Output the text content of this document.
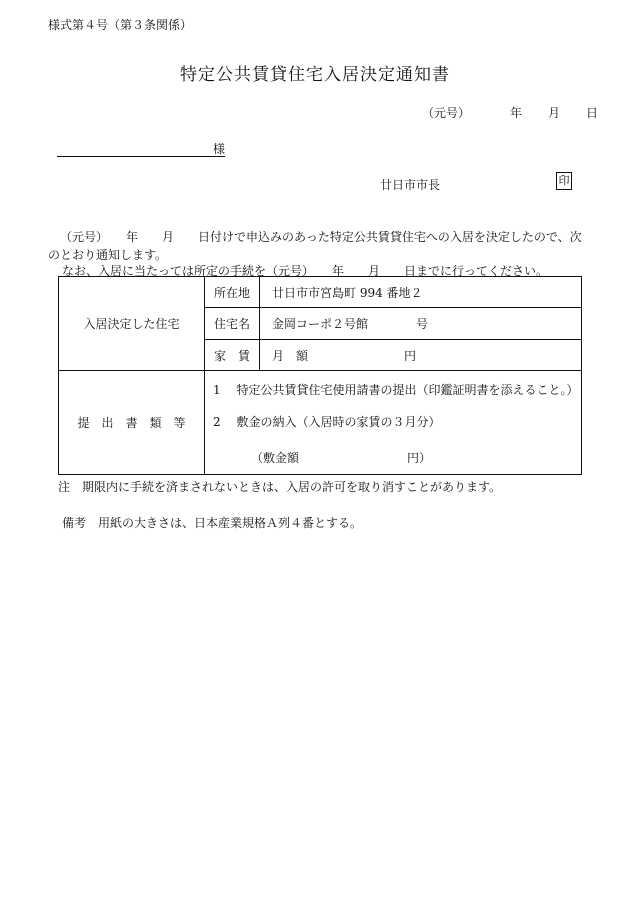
様式第４号（第３条関係）
特定公共賃貸住宅入居決定通知書
（元号）	年 月 日
様
廿日市市長	印
（元号）　　年　　月　　日付けで申込みのあった特定公共賃貸住宅への入居を決定したので、次
のとおり通知します。
なお、入居に当たっては所定の手続を（元号）　　年　　月　　日までに行ってください。
入居決定した住宅	所在地	廿日市市宮島町 994 番地２
	住宅名	金岡コーポ２号館　　　　号
	家　賃	月　額　　　　　　　　円
提　出　書　類　等	1　 特定公共賃貸住宅使用請書の提出（印鑑証明書を添えること。）
2　 敷金の納入（入居時の家賃の３月分）
（敷金額　　　　　　　　　円）	
注　期限内に手続を済まされないときは、入居の許可を取り消すことがあります。
備考　用紙の大きさは、日本産業規格Ａ列４番とする。
